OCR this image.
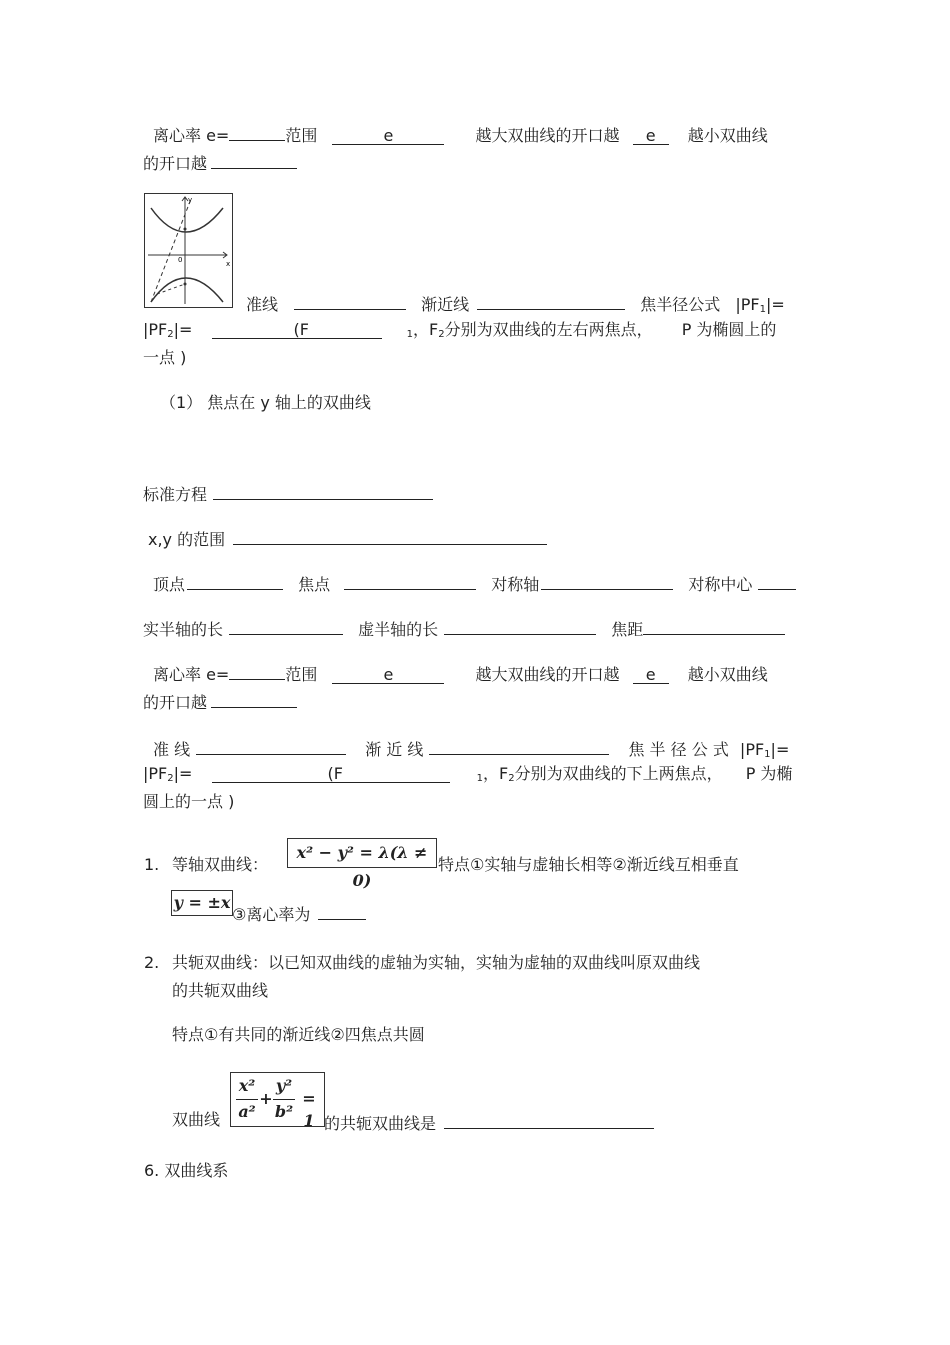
离心率 e=	范围	e	越大双曲线的开口越 e 越小双曲线
的开口越
0	x
y
准线	渐近线	焦半径公式 $|PF_1|=$
$|PF_2|=$	(F	$_1$，$F_2$分别为双曲线的左右两焦点， P 为椭圆上的
一点 )
（1） 焦点在 y 轴上的双曲线
标准方程
x,y 的范围
顶点	焦点	对称轴	对称中心
实半轴的长	虚半轴的长	焦距
离心率 e=	范围	e	越大双曲线的开口越 e 越小双曲线
的开口越
准 线	渐 近 线	焦 半 径 公 式 $|PF_1|=$
$|PF_2|=$	(F	$_1$，$F_2$分别为双曲线的下上两焦点， P 为椭
圆上的一点 )
1. 等轴双曲线：
x² − y² = λ(λ ≠ 0)
特点①实轴与虚轴长相等②渐近线互相垂直
y = ±x
③离心率为
2. 共轭双曲线：以已知双曲线的虚轴为实轴，实轴为虚轴的双曲线叫原双曲线
的共轭双曲线
特点①有共同的渐近线②四焦点共圆
双曲线
x²
a²
+
y²
b²
= 1 的共轭双曲线是
6. 双曲线系
